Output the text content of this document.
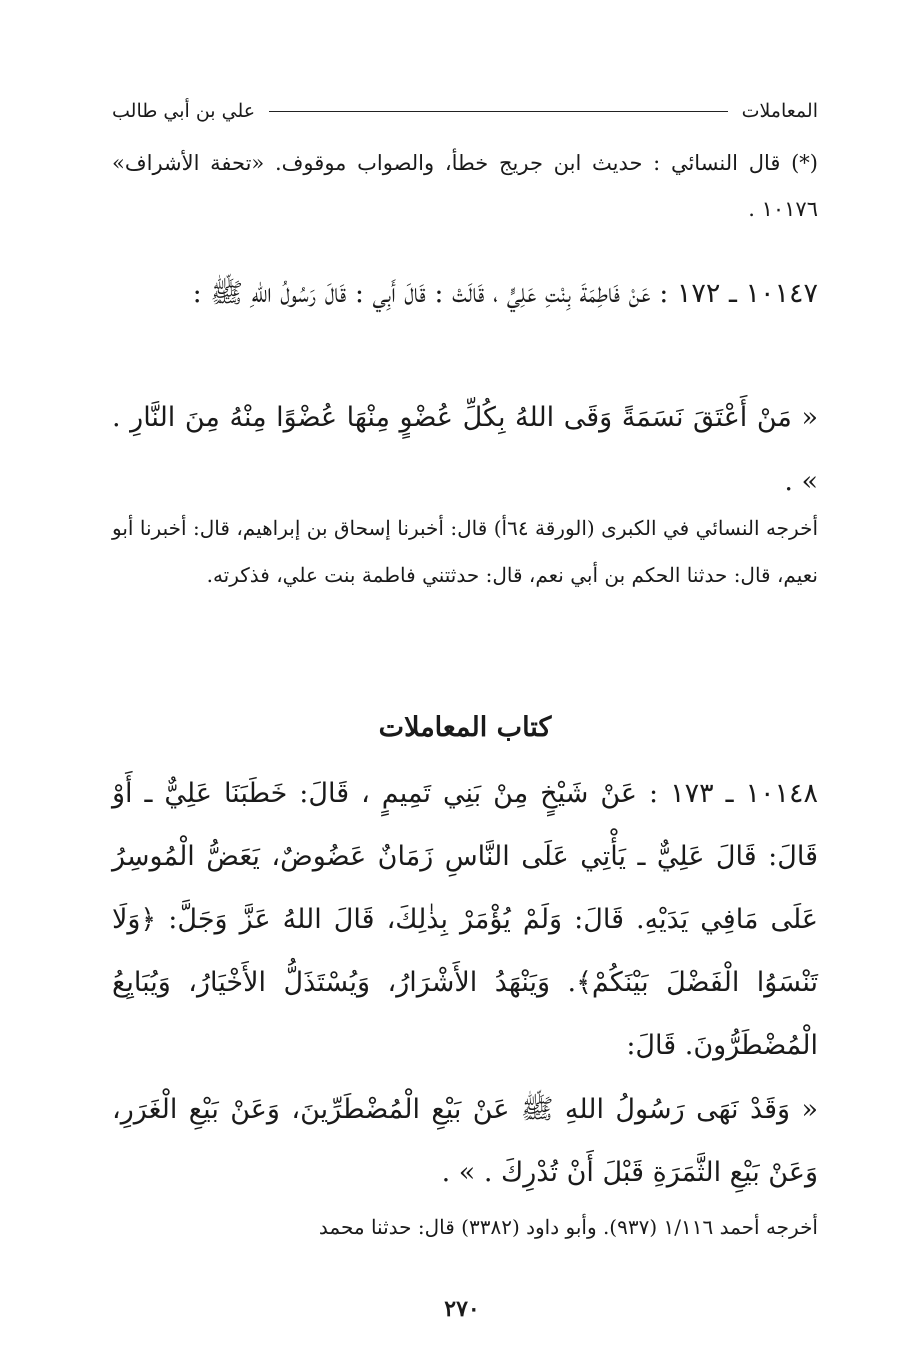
المعاملات
علي بن أبي طالب
(*) قال النسائي : حديث ابن جريج خطأ، والصواب موقوف. «تحفة الأشراف» ١٠١٧٦ .
١٠١٤٧ ـ ١٧٢ : عَنْ فَاطِمَةَ بِنْتِ عَلِيٍّ ، قَالَتْ : قَالَ أَبِي : قَالَ رَسُولُ اللهِ ﷺ :
« مَنْ أَعْتَقَ نَسَمَةً وَقَى اللهُ بِكُلِّ عُضْوٍ مِنْهَا عُضْوًا مِنْهُ مِنَ النَّارِ . » .
أخرجه النسائي في الكبرى (الورقة ٦٤أ) قال: أخبرنا إسحاق بن إبراهيم، قال: أخبرنا أبو نعيم، قال: حدثنا الحكم بن أبي نعم، قال: حدثتني فاطمة بنت علي، فذكرته.
كتاب المعاملات
١٠١٤٨ ـ ١٧٣ : عَنْ شَيْخٍ مِنْ بَنِي تَمِيمٍ ، قَالَ: خَطَبَنَا عَلِيٌّ ـ أَوْ قَالَ: قَالَ عَلِيٌّ ـ يَأْتِي عَلَى النَّاسِ زَمَانٌ عَضُوضٌ، يَعَضُّ الْمُوسِرُ عَلَى مَافِي يَدَيْهِ. قَالَ: وَلَمْ يُؤْمَرْ بِذٰلِكَ، قَالَ اللهُ عَزَّ وَجَلَّ: ﴿وَلَا تَنْسَوُا الْفَضْلَ بَيْنَكُمْ﴾. وَيَنْهَدُ الأَشْرَارُ، وَيُسْتَذَلُّ الأَخْيَارُ، وَيُبَايِعُ الْمُضْطَرُّونَ. قَالَ:
« وَقَدْ نَهَى رَسُولُ اللهِ ﷺ عَنْ بَيْعِ الْمُضْطَرِّينَ، وَعَنْ بَيْعِ الْغَرَرِ، وَعَنْ بَيْعِ الثَّمَرَةِ قَبْلَ أَنْ تُدْرِكَ . » .
أخرجه أحمد ١/١١٦ (٩٣٧). وأبو داود (٣٣٨٢) قال: حدثنا محمد
٢٧٠
